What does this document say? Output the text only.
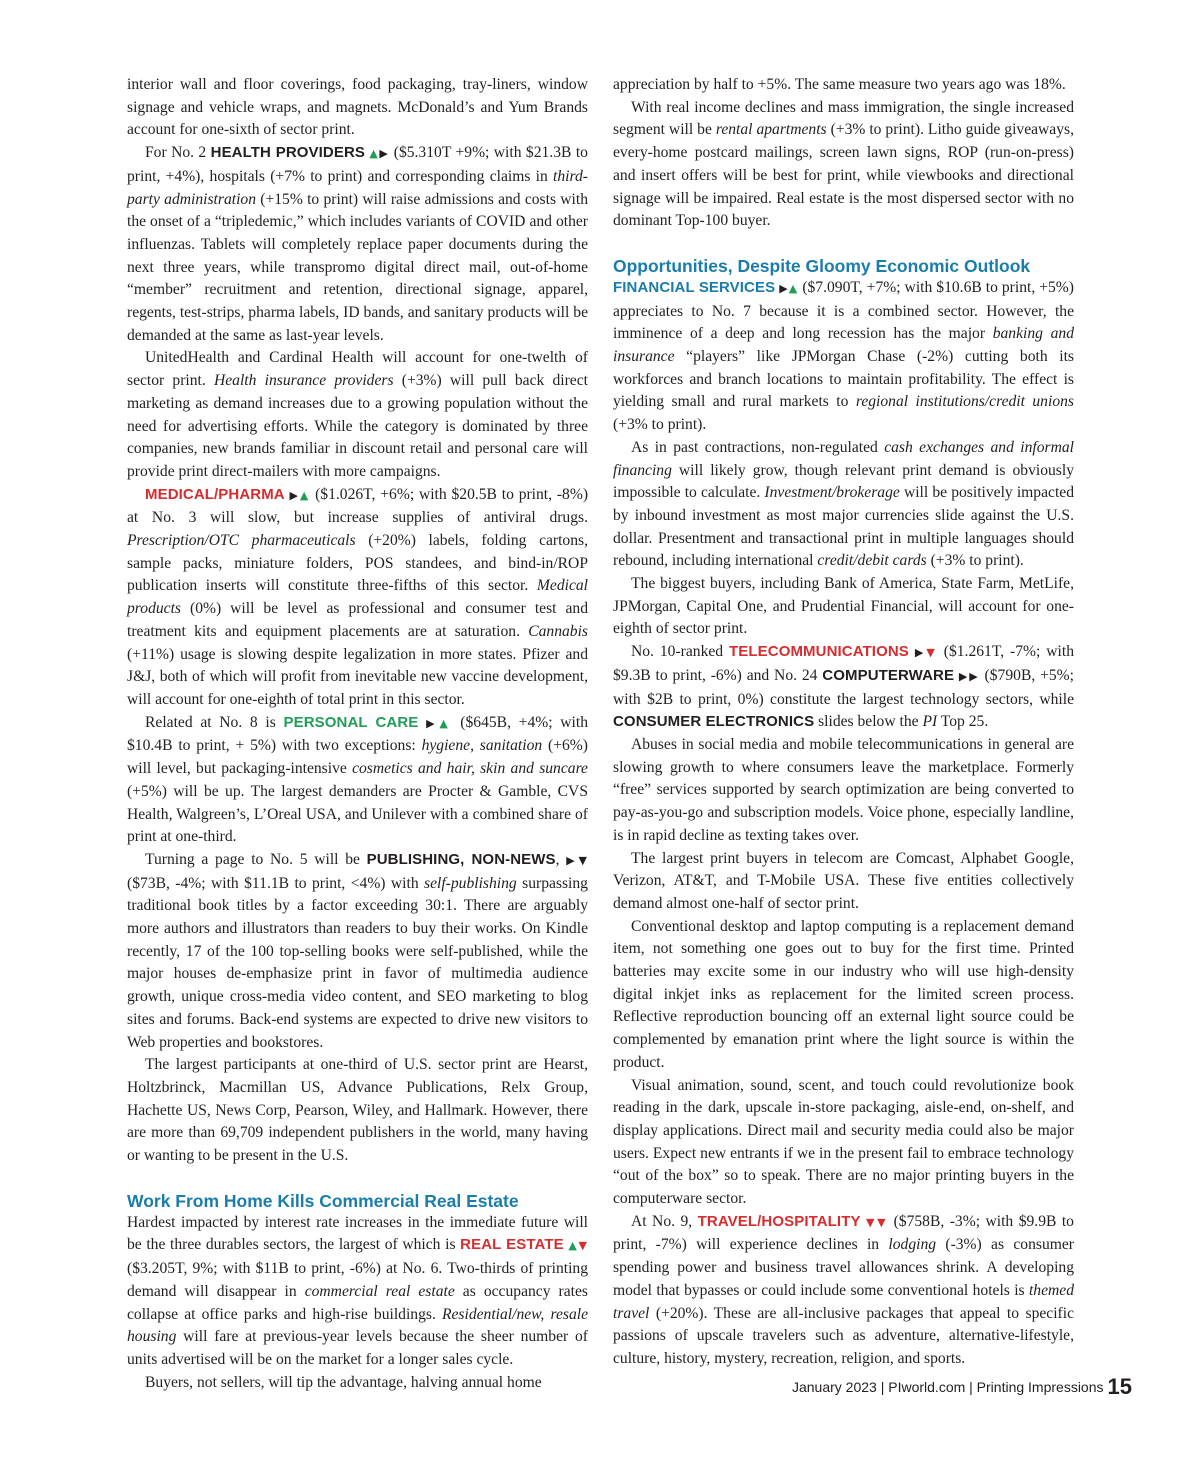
interior wall and floor coverings, food packaging, tray-liners, window signage and vehicle wraps, and magnets. McDonald’s and Yum Brands account for one-sixth of sector print.

For No. 2 HEALTH PROVIDERS ▲▶ ($5.310T +9%; with $21.3B to print, +4%), hospitals (+7% to print) and corresponding claims in third-party administration (+15% to print) will raise admissions and costs with the onset of a “tripledemic,” which includes variants of COVID and other influenzas. Tablets will completely replace paper documents during the next three years, while transpromo digital direct mail, out-of-home “member” recruitment and retention, directional signage, apparel, regents, test-strips, pharma labels, ID bands, and sanitary products will be demanded at the same as last-year levels.

UnitedHealth and Cardinal Health will account for one-twelth of sector print. Health insurance providers (+3%) will pull back direct marketing as demand increases due to a growing population without the need for advertising efforts. While the category is dominated by three companies, new brands familiar in discount retail and personal care will provide print direct-mailers with more campaigns.

MEDICAL/PHARMA ▶▲ ($1.026T, +6%; with $20.5B to print, -8%) at No. 3 will slow, but increase supplies of antiviral drugs. Prescription/OTC pharmaceuticals (+20%) labels, folding cartons, sample packs, miniature folders, POS standees, and bind-in/ROP publication inserts will constitute three-fifths of this sector. Medical products (0%) will be level as professional and consumer test and treatment kits and equipment placements are at saturation. Cannabis (+11%) usage is slowing despite legalization in more states. Pfizer and J&J, both of which will profit from inevitable new vaccine development, will account for one-eighth of total print in this sector.

Related at No. 8 is PERSONAL CARE ▶▲ ($645B, +4%; with $10.4B to print, + 5%) with two exceptions: hygiene, sanitation (+6%) will level, but packaging-intensive cosmetics and hair, skin and suncare (+5%) will be up. The largest demanders are Procter & Gamble, CVS Health, Walgreen’s, L’Oreal USA, and Unilever with a combined share of print at one-third.

Turning a page to No. 5 will be PUBLISHING, NON-NEWS, ▶▼ ($73B, -4%; with $11.1B to print, <4%) with self-publishing surpassing traditional book titles by a factor exceeding 30:1. There are arguably more authors and illustrators than readers to buy their works. On Kindle recently, 17 of the 100 top-selling books were self-published, while the major houses de-emphasize print in favor of multimedia audience growth, unique cross-media video content, and SEO marketing to blog sites and forums. Back-end systems are expected to drive new visitors to Web properties and bookstores.

The largest participants at one-third of U.S. sector print are Hearst, Holtzbrinck, Macmillan US, Advance Publications, Relx Group, Hachette US, News Corp, Pearson, Wiley, and Hallmark. However, there are more than 69,709 independent publishers in the world, many having or wanting to be present in the U.S.

Work From Home Kills Commercial Real Estate

Hardest impacted by interest rate increases in the immediate future will be the three durables sectors, the largest of which is REAL ESTATE ▲▼ ($3.205T, 9%; with $11B to print, -6%) at No. 6. Two-thirds of printing demand will disappear in commercial real estate as occupancy rates collapse at office parks and high-rise buildings. Residential/new, resale housing will fare at previous-year levels because the sheer number of units advertised will be on the market for a longer sales cycle.

Buyers, not sellers, will tip the advantage, halving annual home

appreciation by half to +5%. The same measure two years ago was 18%.

With real income declines and mass immigration, the single increased segment will be rental apartments (+3% to print). Litho guide giveaways, every-home postcard mailings, screen lawn signs, ROP (run-on-press) and insert offers will be best for print, while viewbooks and directional signage will be impaired. Real estate is the most dispersed sector with no dominant Top-100 buyer.

Opportunities, Despite Gloomy Economic Outlook

FINANCIAL SERVICES ▶▲ ($7.090T, +7%; with $10.6B to print, +5%) appreciates to No. 7 because it is a combined sector. However, the imminence of a deep and long recession has the major banking and insurance “players” like JPMorgan Chase (-2%) cutting both its workforces and branch locations to maintain profitability. The effect is yielding small and rural markets to regional institutions/credit unions (+3% to print).

As in past contractions, non-regulated cash exchanges and informal financing will likely grow, though relevant print demand is obviously impossible to calculate. Investment/brokerage will be positively impacted by inbound investment as most major currencies slide against the U.S. dollar. Presentment and transactional print in multiple languages should rebound, including international credit/debit cards (+3% to print).

The biggest buyers, including Bank of America, State Farm, MetLife, JPMorgan, Capital One, and Prudential Financial, will account for one-eighth of sector print.

No. 10-ranked TELECOMMUNICATIONS ▶▼ ($1.261T, -7%; with $9.3B to print, -6%) and No. 24 COMPUTERWARE ▶▶ ($790B, +5%; with $2B to print, 0%) constitute the largest technology sectors, while CONSUMER ELECTRONICS slides below the PI Top 25.

Abuses in social media and mobile telecommunications in general are slowing growth to where consumers leave the marketplace. Formerly “free” services supported by search optimization are being converted to pay-as-you-go and subscription models. Voice phone, especially landline, is in rapid decline as texting takes over.

The largest print buyers in telecom are Comcast, Alphabet Google, Verizon, AT&T, and T-Mobile USA. These five entities collectively demand almost one-half of sector print.

Conventional desktop and laptop computing is a replacement demand item, not something one goes out to buy for the first time. Printed batteries may excite some in our industry who will use high-density digital inkjet inks as replacement for the limited screen process. Reflective reproduction bouncing off an external light source could be complemented by emanation print where the light source is within the product.

Visual animation, sound, scent, and touch could revolutionize book reading in the dark, upscale in-store packaging, aisle-end, on-shelf, and display applications. Direct mail and security media could also be major users. Expect new entrants if we in the present fail to embrace technology “out of the box” so to speak. There are no major printing buyers in the computerware sector.

At No. 9, TRAVEL/HOSPITALITY ▼▼ ($758B, -3%; with $9.9B to print, -7%) will experience declines in lodging (-3%) as consumer spending power and business travel allowances shrink. A developing model that bypasses or could include some conventional hotels is themed travel (+20%). These are all-inclusive packages that appeal to specific passions of upscale travelers such as adventure, alternative-lifestyle, culture, history, mystery, recreation, religion, and sports.

January 2023 | PIworld.com | Printing Impressions 15
